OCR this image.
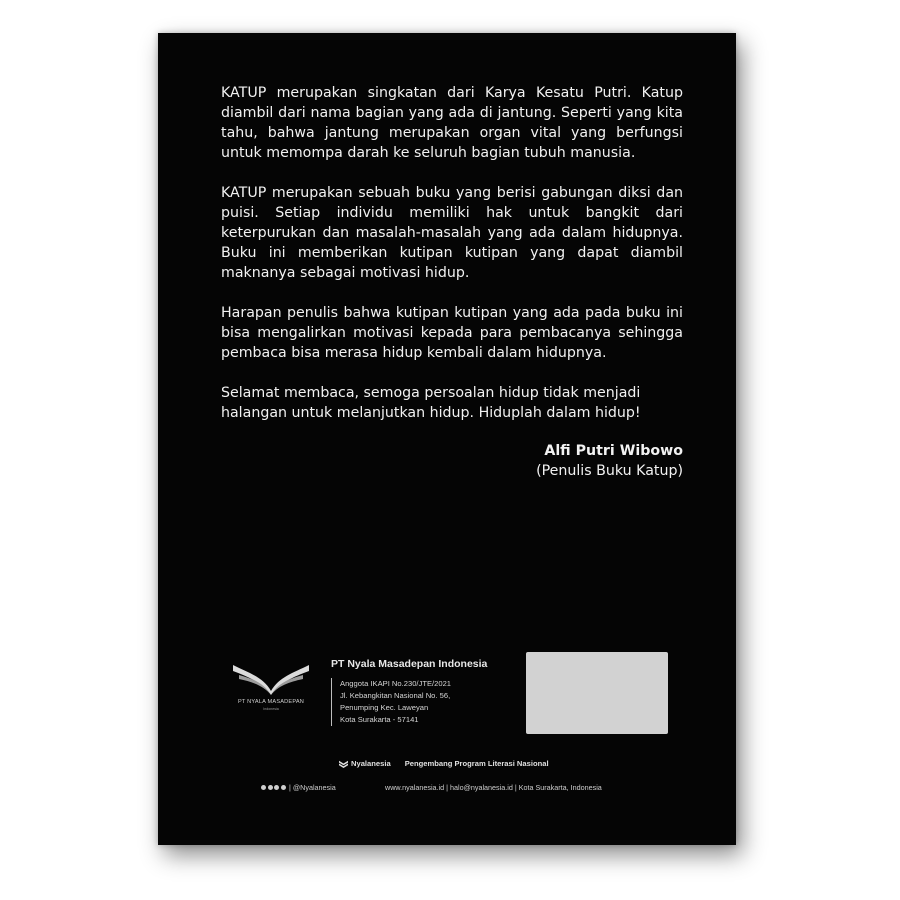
KATUP merupakan singkatan dari Karya Kesatu Putri. Katup diambil dari nama bagian yang ada di jantung. Seperti yang kita tahu, bahwa jantung merupakan organ vital yang berfungsi untuk memompa darah ke seluruh bagian tubuh manusia.

KATUP merupakan sebuah buku yang berisi gabungan diksi dan puisi. Setiap individu memiliki hak untuk bangkit dari keterpurukan dan masalah-masalah yang ada dalam hidupnya. Buku ini memberikan kutipan kutipan yang dapat diambil maknanya sebagai motivasi hidup.

Harapan penulis bahwa kutipan kutipan yang ada pada buku ini bisa mengalirkan motivasi kepada para pembacanya sehingga pembaca bisa merasa hidup kembali dalam hidupnya.

Selamat membaca, semoga persoalan hidup tidak menjadi halangan untuk melanjutkan hidup. Hiduplah dalam hidup!

Alfi Putri Wibowo
(Penulis Buku Katup)
PT NYALA MASADEPAN
Indonesia
PT Nyala Masadepan Indonesia
Anggota IKAPI No.230/JTE/2021
Jl. Kebangkitan Nasional No. 56,
Penumping Kec. Laweyan
Kota Surakarta - 57141
Nyalanesia Pengembang Program Literasi Nasional
| @Nyalanesia	www.nyalanesia.id | halo@nyalanesia.id | Kota Surakarta, Indonesia
